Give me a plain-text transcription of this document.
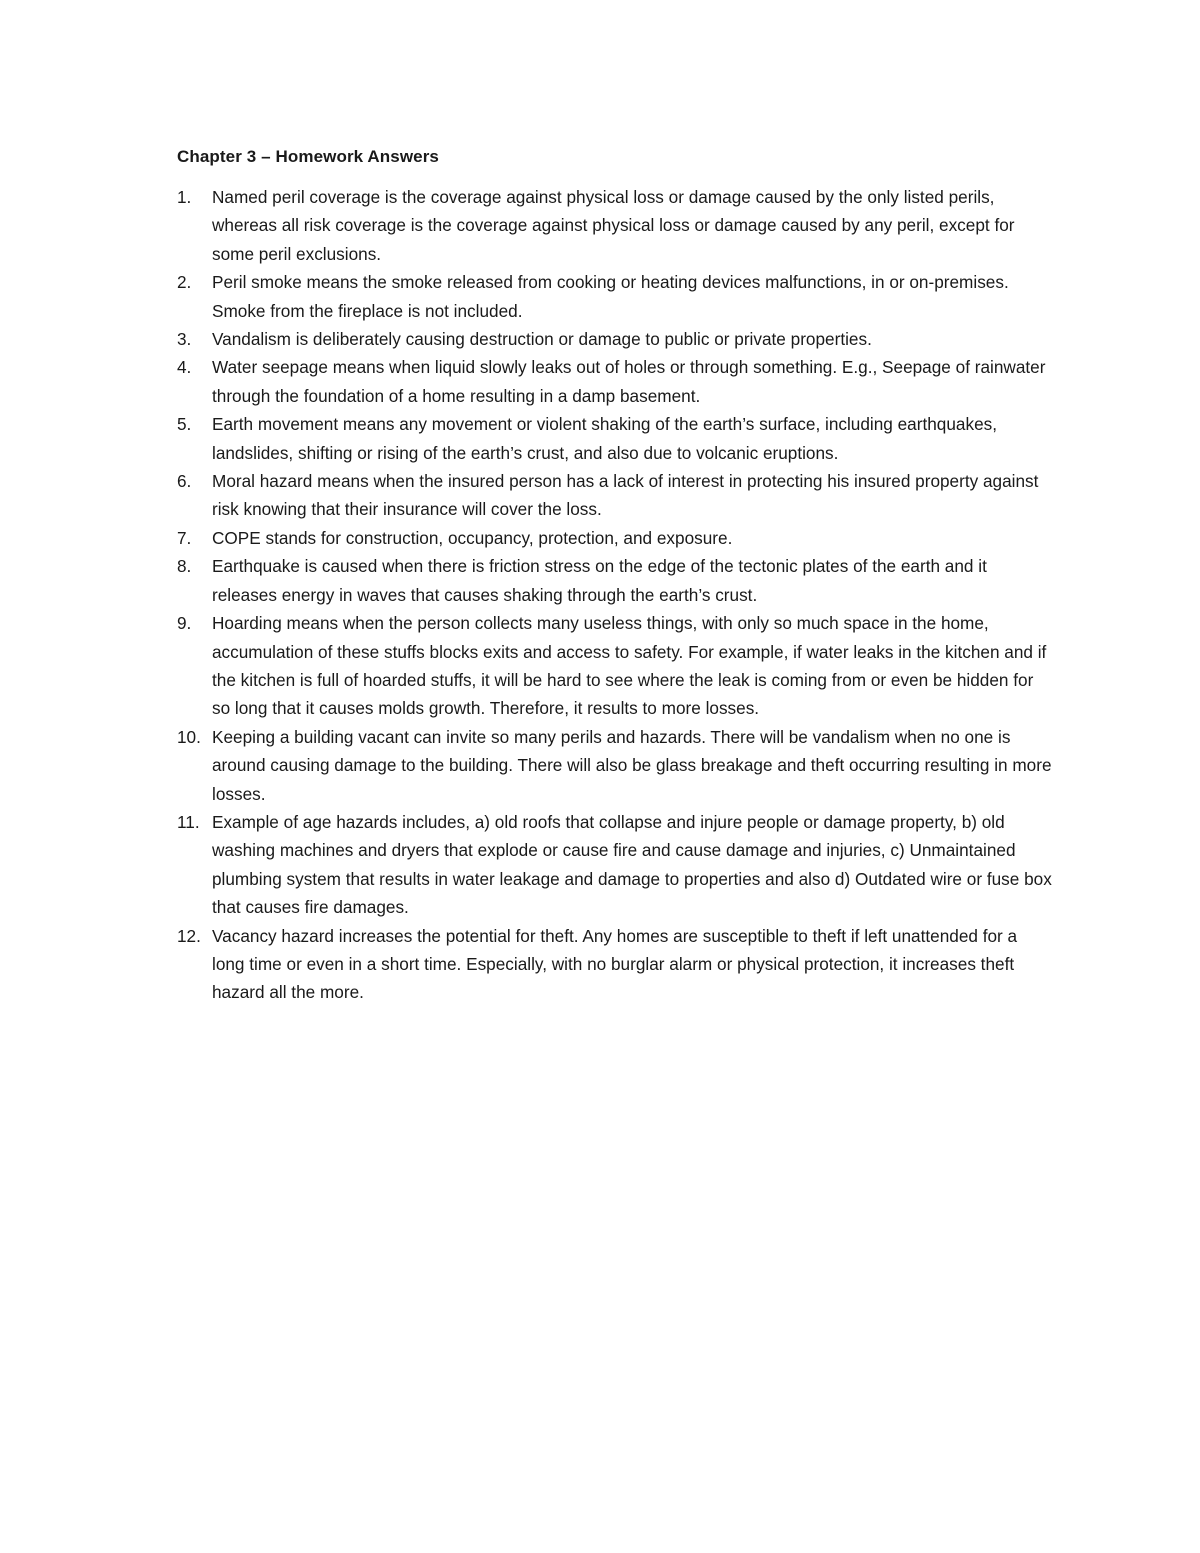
Chapter 3 – Homework Answers
1.	Named peril coverage is the coverage against physical loss or damage caused by the only listed perils, whereas all risk coverage is the coverage against physical loss or damage caused by any peril, except for some peril exclusions.
2.	Peril smoke means the smoke released from cooking or heating devices malfunctions, in or on-premises. Smoke from the fireplace is not included.
3.	Vandalism is deliberately causing destruction or damage to public or private properties.
4.	Water seepage means when liquid slowly leaks out of holes or through something. E.g., Seepage of rainwater through the foundation of a home resulting in a damp basement.
5.	Earth movement means any movement or violent shaking of the earth’s surface, including earthquakes, landslides, shifting or rising of the earth’s crust, and also due to volcanic eruptions.
6.	Moral hazard means when the insured person has a lack of interest in protecting his insured property against risk knowing that their insurance will cover the loss.
7.	COPE stands for construction, occupancy, protection, and exposure.
8.	Earthquake is caused when there is friction stress on the edge of the tectonic plates of the earth and it releases energy in waves that causes shaking through the earth’s crust.
9.	Hoarding means when the person collects many useless things, with only so much space in the home, accumulation of these stuffs blocks exits and access to safety. For example, if water leaks in the kitchen and if the kitchen is full of hoarded stuffs, it will be hard to see where the leak is coming from or even be hidden for so long that it causes molds growth. Therefore, it results to more losses.
10. Keeping a building vacant can invite so many perils and hazards. There will be vandalism when no one is around causing damage to the building. There will also be glass breakage and theft occurring resulting in more losses.
11. Example of age hazards includes, a) old roofs that collapse and injure people or damage property, b) old washing machines and dryers that explode or cause fire and cause damage and injuries, c) Unmaintained plumbing system that results in water leakage and damage to properties and also d) Outdated wire or fuse box that causes fire damages.
12. Vacancy hazard increases the potential for theft. Any homes are susceptible to theft if left unattended for a long time or even in a short time. Especially, with no burglar alarm or physical protection, it increases theft hazard all the more.
